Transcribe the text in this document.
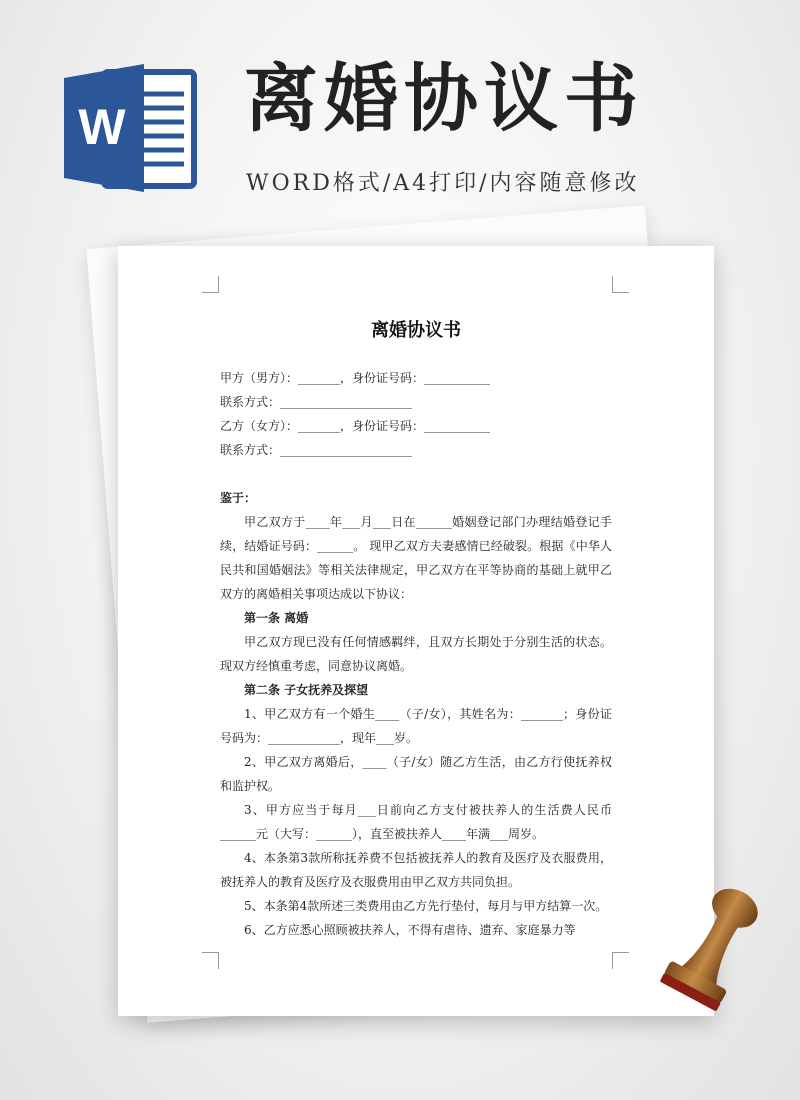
W 离婚协议书
WORD格式/A4打印/内容随意修改
离婚协议书

甲方（男方）：_______，身份证号码：___________

联系方式：______________________

乙方（女方）：_______，身份证号码：___________

联系方式：______________________

鉴于：

甲乙双方于____年___月___日在______婚姻登记部门办理结婚登记手续，结婚证号码：______。 现甲乙双方夫妻感情已经破裂。根据《中华人民共和国婚姻法》等相关法律规定，甲乙双方在平等协商的基础上就甲乙双方的离婚相关事项达成以下协议：

第一条 离婚

甲乙双方现已没有任何情感羁绊，且双方长期处于分别生活的状态。现双方经慎重考虑，同意协议离婚。

第二条 子女抚养及探望

1、甲乙双方有一个婚生____（子/女），其姓名为：_______；身份证号码为：____________，现年___岁。

2、甲乙双方离婚后，____（子/女）随乙方生活，由乙方行使抚养权和监护权。

3、甲方应当于每月___日前向乙方支付被扶养人的生活费人民币______元（大写：______），直至被扶养人____年满___周岁。

4、本条第3款所称抚养费不包括被抚养人的教育及医疗及衣服费用，被抚养人的教育及医疗及衣服费用由甲乙双方共同负担。

5、本条第4款所述三类费用由乙方先行垫付，每月与甲方结算一次。

6、乙方应悉心照顾被扶养人，不得有虐待、遗弃、家庭暴力等
